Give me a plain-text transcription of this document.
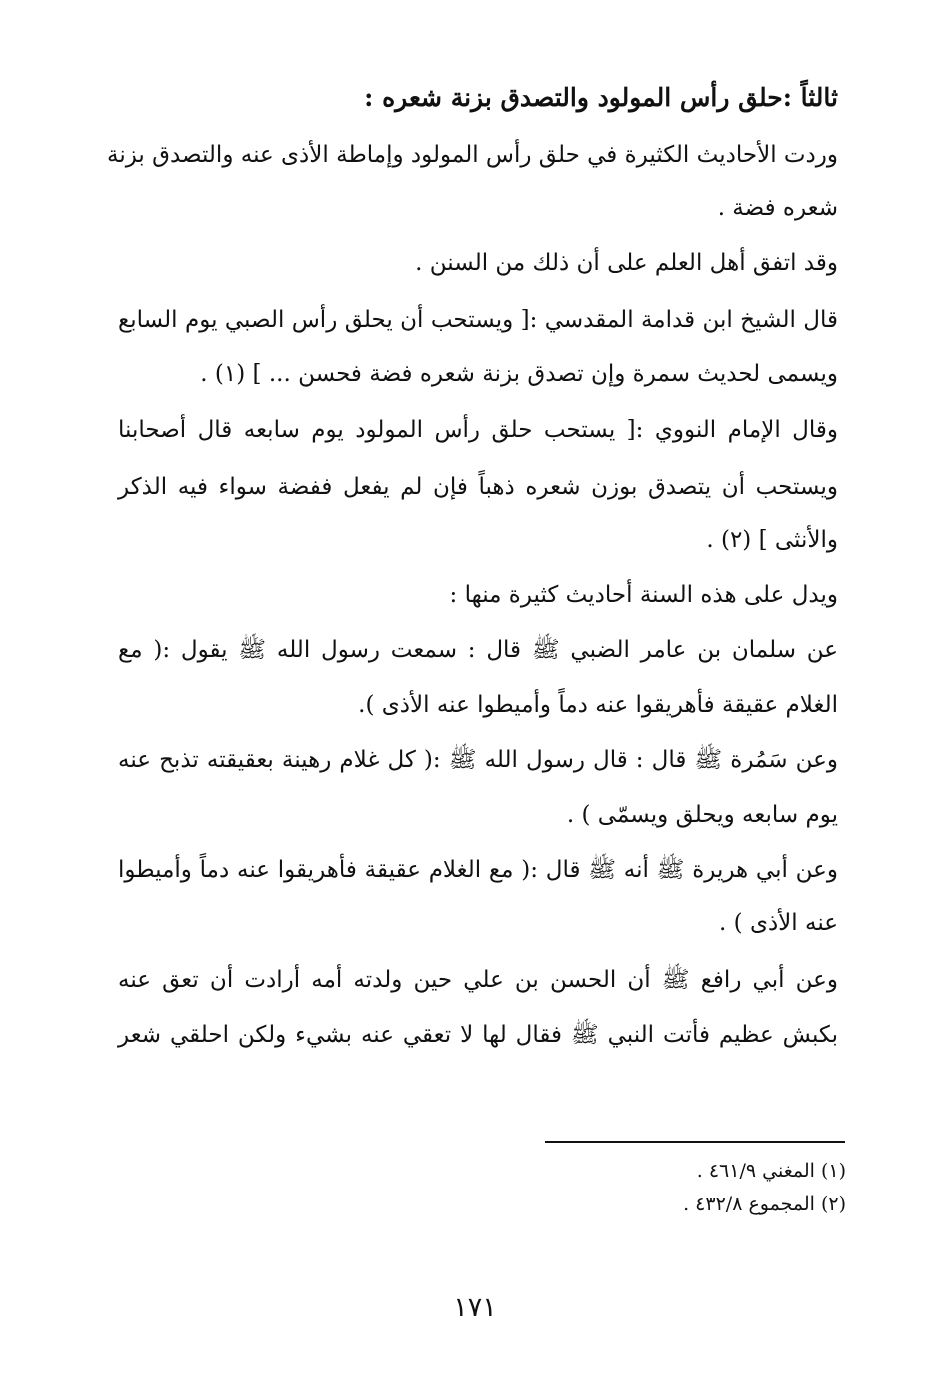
ثالثاً :حلق رأس المولود والتصدق بزنة شعره :
وردت الأحاديث الكثيرة في حلق رأس المولود وإماطة الأذى عنه والتصدق بزنة
شعره فضة .
وقد اتفق أهل العلم على أن ذلك من السنن .
قال الشيخ ابن قدامة المقدسي :[ ويستحب أن يحلق رأس الصبي يوم السابع
ويسمى لحديث سمرة وإن تصدق بزنة شعره فضة فحسن ... ] (١) .
وقال الإمام النووي :[ يستحب حلق رأس المولود يوم سابعه قال أصحابنا
ويستحب أن يتصدق بوزن شعره ذهباً فإن لم يفعل ففضة سواء فيه الذكر
والأنثى ] (٢) .
ويدل على هذه السنة أحاديث كثيرة منها :
عن سلمان بن عامر الضبي ﷺ قال : سمعت رسول الله ﷺ يقول :( مع
الغلام عقيقة فأهريقوا عنه دماً وأميطوا عنه الأذى ).
وعن سَمُرة ﷺ قال : قال رسول الله ﷺ :( كل غلام رهينة بعقيقته تذبح عنه
يوم سابعه ويحلق ويسمّى ) .
وعن أبي هريرة ﷺ أنه ﷺ قال :( مع الغلام عقيقة فأهريقوا عنه دماً وأميطوا
عنه الأذى ) .
وعن أبي رافع ﷺ أن الحسن بن علي حين ولدته أمه أرادت أن تعق عنه
بكبش عظيم فأتت النبي ﷺ فقال لها لا تعقي عنه بشيء ولكن احلقي شعر
(١) المغني ٤٦١/٩ .
(٢) المجموع ٤٣٢/٨ .
١٧١
